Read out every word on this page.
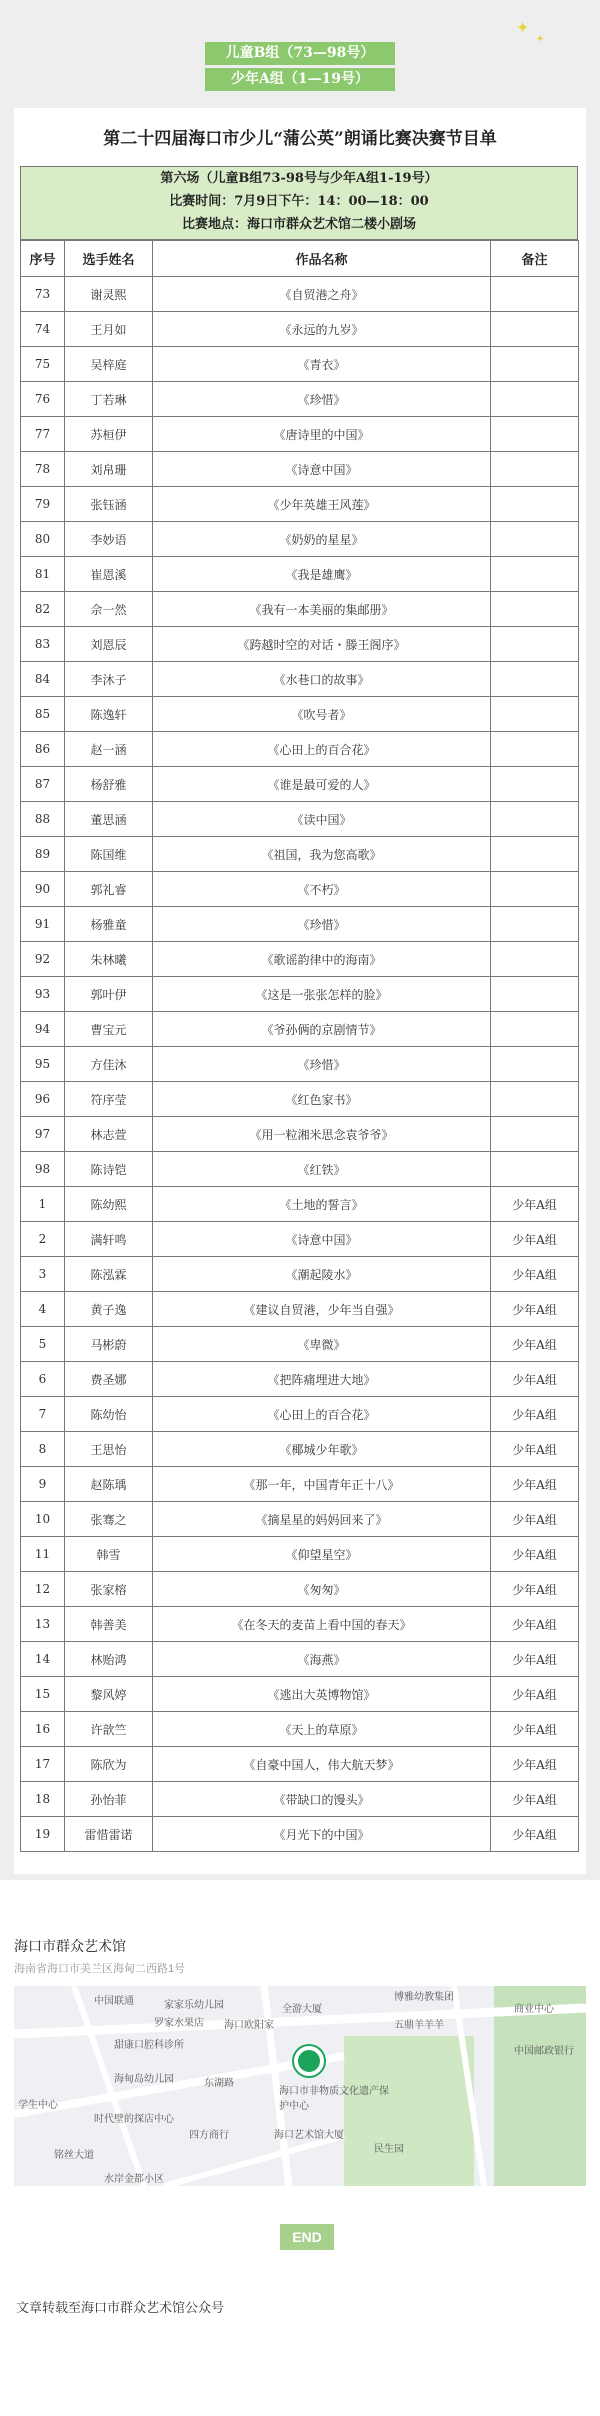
✦
✦
儿童B组（73—98号）
少年A组（1—19号）
第二十四届海口市少儿“蒲公英”朗诵比赛决赛节目单
第六场（儿童B组73-98号与少年A组1-19号）
比赛时间：7月9日下午：14：00—18：00
比赛地点：海口市群众艺术馆二楼小剧场
序号	选手姓名	作品名称	备注
73	谢灵煕	《自贸港之舟》	
74	王月如	《永远的九岁》	
75	吴梓庭	《青衣》	
76	丁若琳	《珍惜》	
77	苏桓伊	《唐诗里的中国》	
78	刘帛珊	《诗意中国》	
79	张钰涵	《少年英雄王风莲》	
80	李妙语	《奶奶的星星》	
81	崔恩溪	《我是雄鹰》	
82	佘一然	《我有一本美丽的集邮册》	
83	刘恩辰	《跨越时空的对话・滕王阁序》	
84	李沐子	《水巷口的故事》	
85	陈逸轩	《吹号者》	
86	赵一涵	《心田上的百合花》	
87	杨舒雅	《谁是最可爱的人》	
88	董思涵	《读中国》	
89	陈国维	《祖国，我为您高歌》	
90	郭礼睿	《不朽》	
91	杨雅童	《珍惜》	
92	朱林曦	《歌谣韵律中的海南》	
93	郭叶伊	《这是一张张怎样的脸》	
94	曹宝元	《爷孙俩的京剧情节》	
95	方佳沐	《珍惜》	
96	符序莹	《红色家书》	
97	林志萱	《用一粒湘米思念袁爷爷》	
98	陈诗铠	《红铁》	
1	陈幼熙	《土地的誓言》	少年A组
2	满轩鸣	《诗意中国》	少年A组
3	陈泓霖	《潮起陵水》	少年A组
4	黄子逸	《建议自贸港，少年当自强》	少年A组
5	马彬蔚	《卑微》	少年A组
6	费圣娜	《把阵痛埋进大地》	少年A组
7	陈幼怡	《心田上的百合花》	少年A组
8	王思怡	《椰城少年歌》	少年A组
9	赵陈瑀	《那一年，中国青年正十八》	少年A组
10	张骞之	《摘星星的妈妈回来了》	少年A组
11	韩雪	《仰望星空》	少年A组
12	张家榕	《匆匆》	少年A组
13	韩善美	《在冬天的麦苗上看中国的春天》	少年A组
14	林贻鸿	《海燕》	少年A组
15	黎风婷	《逃出大英博物馆》	少年A组
16	许歆竺	《天上的草原》	少年A组
17	陈欣为	《自豪中国人，伟大航天梦》	少年A组
18	孙怡菲	《带缺口的馒头》	少年A组
19	雷惜雷诺	《月光下的中国》	少年A组
海口市群众艺术馆
海南省海口市美兰区海甸二西路1号
中国联通	家家乐幼儿园	全游大厦
博雅幼教集团
罗家水果店 海口欧阳家	五鼎羊羊羊
商业中心
中国邮政银行
甜康口腔科诊所
海甸岛幼儿园	东湖路
海口市非物质文化遗产保护中心
海口艺术馆大厦
时代壁的探店中心
四方商行
民生园
水岸金都小区
铭丝大道
学生中心
END
文章转载至海口市群众艺术馆公众号
